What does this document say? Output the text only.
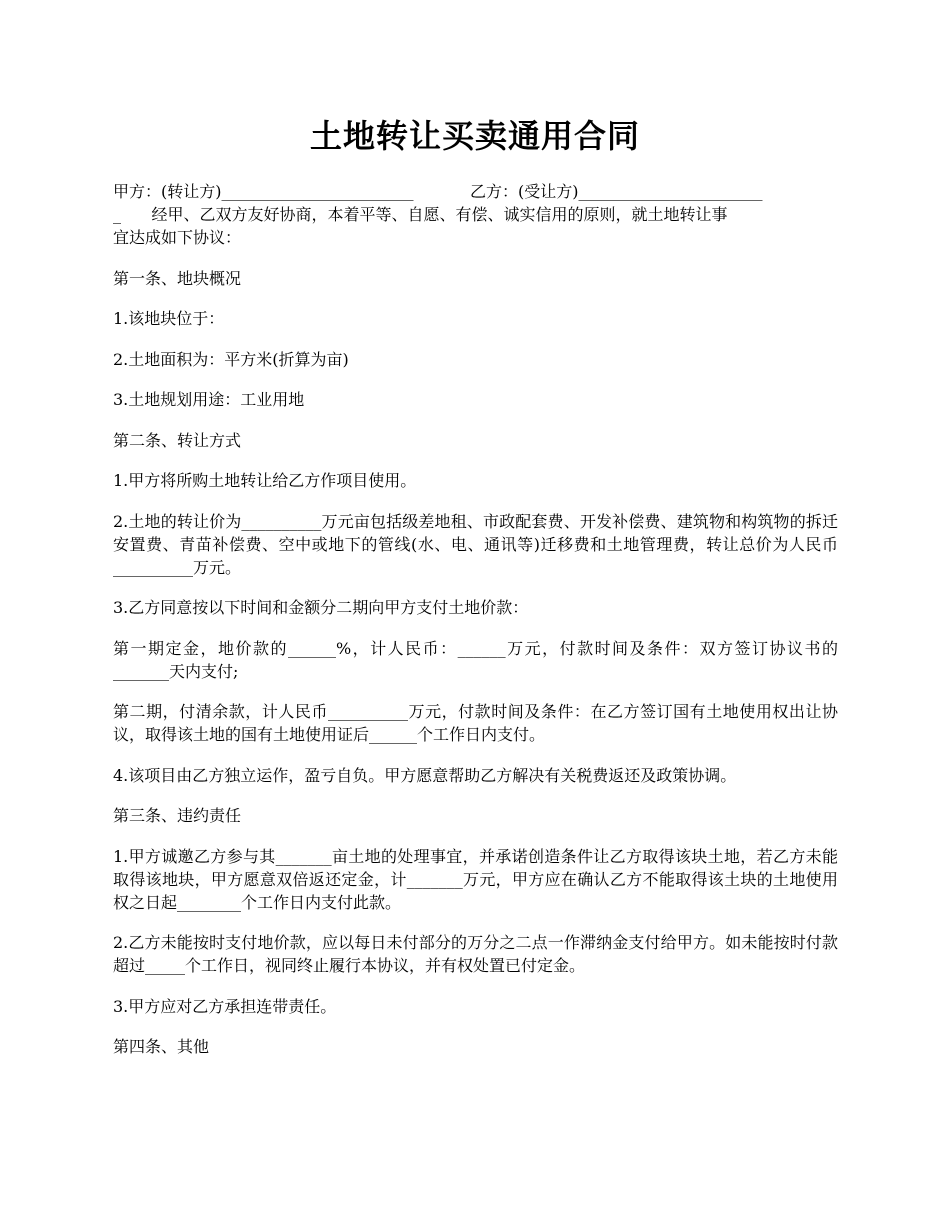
土地转让买卖通用合同
甲方：(转让方)________________________	乙方：(受让方)_______________________
_      经甲、乙双方友好协商，本着平等、自愿、有偿、诚实信用的原则，就土地转让事
宜达成如下协议：

第一条、地块概况

1.该地块位于：

2.土地面积为：平方米(折算为亩)

3.土地规划用途：工业用地

第二条、转让方式

1.甲方将所购土地转让给乙方作项目使用。

2.土地的转让价为__________万元亩包括级差地租、市政配套费、开发补偿费、建筑物和构筑物的拆迁安置费、青苗补偿费、空中或地下的管线(水、电、通讯等)迁移费和土地管理费，转让总价为人民币__________万元。

3.乙方同意按以下时间和金额分二期向甲方支付土地价款：

第一期定金，地价款的______%，计人民币：______万元，付款时间及条件：双方签订协议书的_______天内支付;

第二期，付清余款，计人民币__________万元，付款时间及条件：在乙方签订国有土地使用权出让协议，取得该土地的国有土地使用证后______个工作日内支付。

4.该项目由乙方独立运作，盈亏自负。甲方愿意帮助乙方解决有关税费返还及政策协调。

第三条、违约责任

1.甲方诚邀乙方参与其_______亩土地的处理事宜，并承诺创造条件让乙方取得该块土地，若乙方未能取得该地块，甲方愿意双倍返还定金，计_______万元，甲方应在确认乙方不能取得该土块的土地使用权之日起________个工作日内支付此款。

2.乙方未能按时支付地价款，应以每日未付部分的万分之二点一作滞纳金支付给甲方。如未能按时付款超过_____个工作日，视同终止履行本协议，并有权处置已付定金。

3.甲方应对乙方承担连带责任。

第四条、其他
